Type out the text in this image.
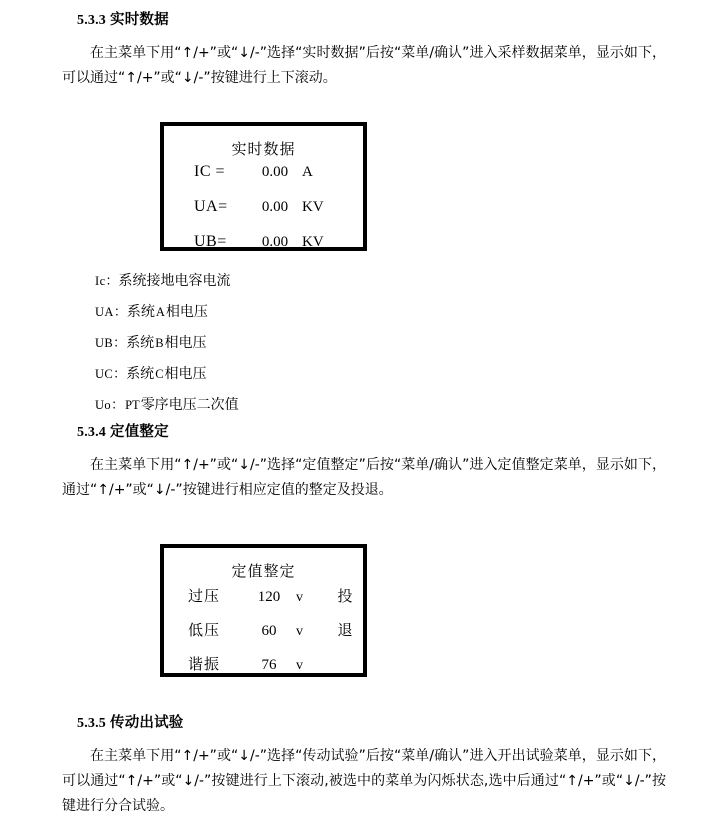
5.3.3 实时数据
在主菜单下用“↑/+”或“↓/-”选择“实时数据”后按“菜单/确认”进入采样数据菜单，显示如下，可以通过“↑/+”或“↓/-”按键进行上下滚动。
实时数据
IC =	0.00 A
UA=	0.00 KV
UB=	0.00 KV
Ic：系统接地电容电流
UA：系统A相电压
UB：系统B相电压
UC：系统C相电压
Uo：PT零序电压二次值
5.3.4 定值整定
在主菜单下用“↑/+”或“↓/-”选择“定值整定”后按“菜单/确认”进入定值整定菜单，显示如下，通过“↑/+”或“↓/-”按键进行相应定值的整定及投退。
定值整定
过压	120	v	投
低压	60	v	退
谐振	76	v
5.3.5 传动出试验
在主菜单下用“↑/+”或“↓/-”选择“传动试验”后按“菜单/确认”进入开出试验菜单，显示如下，可以通过“↑/+”或“↓/-”按键进行上下滚动,被选中的菜单为闪烁状态,选中后通过“↑/+”或“↓/-”按键进行分合试验。
